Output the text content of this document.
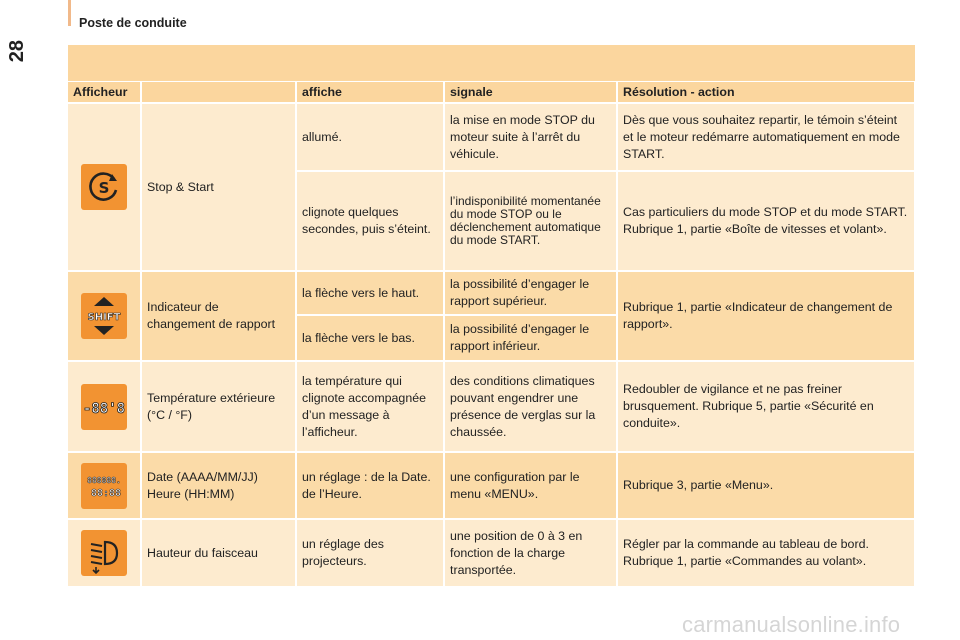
28
Poste de conduite
Afficheur		affiche	signale	Résolution - action

S	Stop & Start	allumé.	la mise en mode STOP du moteur suite à l’arrêt du véhicule.	Dès que vous souhaitez repartir, le témoin s’éteint et le moteur redémarre automatiquement en mode START.
		clignote quelques secondes, puis s’éteint.	l’indisponibilité momentanée du mode STOP ou le déclenchement automatique du mode START.	Cas particuliers du mode STOP et du mode START. Rubrique 1, partie «Boîte de vitesses et volant».

SHIFT	Indicateur de changement de rapport	la flèche vers le haut.	la possibilité d’engager le rapport supérieur.	Rubrique 1, partie «Indicateur de changement de rapport».
		la flèche vers le bas.	la possibilité d’engager le rapport inférieur.	

-88'8	Température extérieure (°C / °F)	la température qui clignote accompagnée d’un message à l’afficheur.	des conditions climatiques pouvant engendrer une présence de verglas sur la chaussée.	Redoubler de vigilance et ne pas freiner brusquement. Rubrique 5, partie «Sécurité en conduite».

888888.
88:88	Date (AAAA/MM/JJ) Heure (HH:MM)	un réglage : de la Date. de l’Heure.	une configuration par le menu «MENU».	Rubrique 3, partie «Menu».

	Hauteur du faisceau	un réglage des projecteurs.	une position de 0 à 3 en fonction de la charge transportée.	Régler par la commande au tableau de bord. Rubrique 1, partie «Commandes au volant».
carmanualsonline.info
